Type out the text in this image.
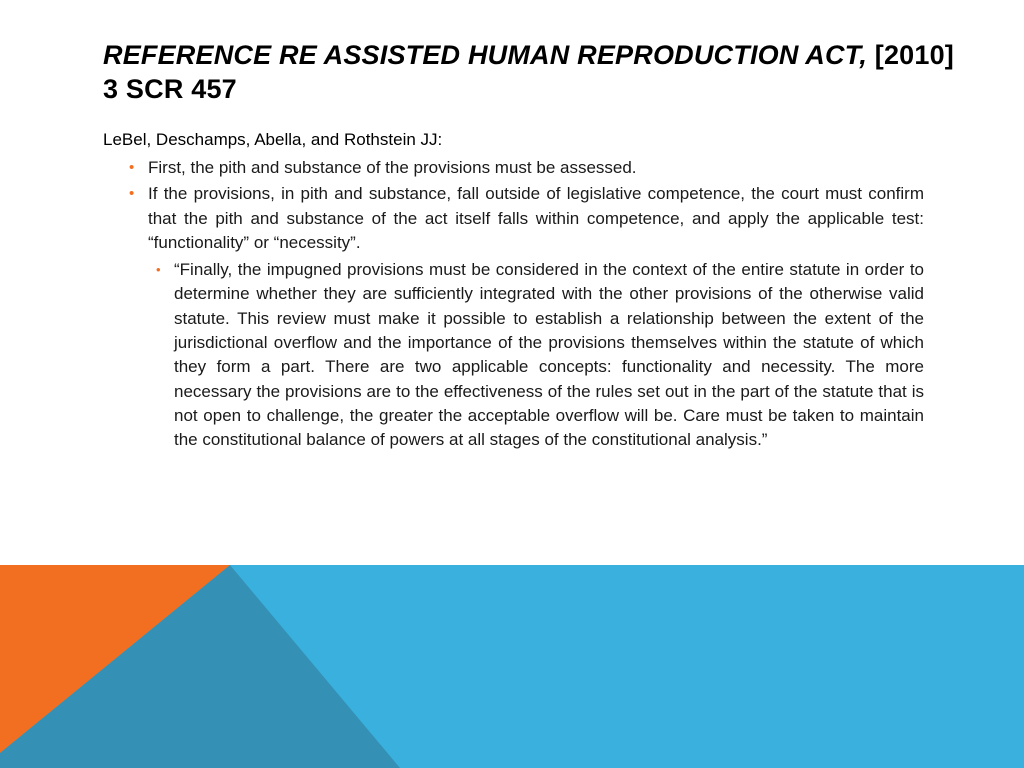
REFERENCE RE ASSISTED HUMAN REPRODUCTION ACT, [2010] 3 SCR 457
LeBel, Deschamps, Abella, and Rothstein JJ:
• First, the pith and substance of the provisions must be assessed.
• If the provisions, in pith and substance, fall outside of legislative competence, the court must confirm that the pith and substance of the act itself falls within competence, and apply the applicable test: “functionality” or “necessity”.
• “Finally, the impugned provisions must be considered in the context of the entire statute in order to determine whether they are sufficiently integrated with the other provisions of the otherwise valid statute. This review must make it possible to establish a relationship between the extent of the jurisdictional overflow and the importance of the provisions themselves within the statute of which they form a part. There are two applicable concepts: functionality and necessity. The more necessary the provisions are to the effectiveness of the rules set out in the part of the statute that is not open to challenge, the greater the acceptable overflow will be. Care must be taken to maintain the constitutional balance of powers at all stages of the constitutional analysis.”
